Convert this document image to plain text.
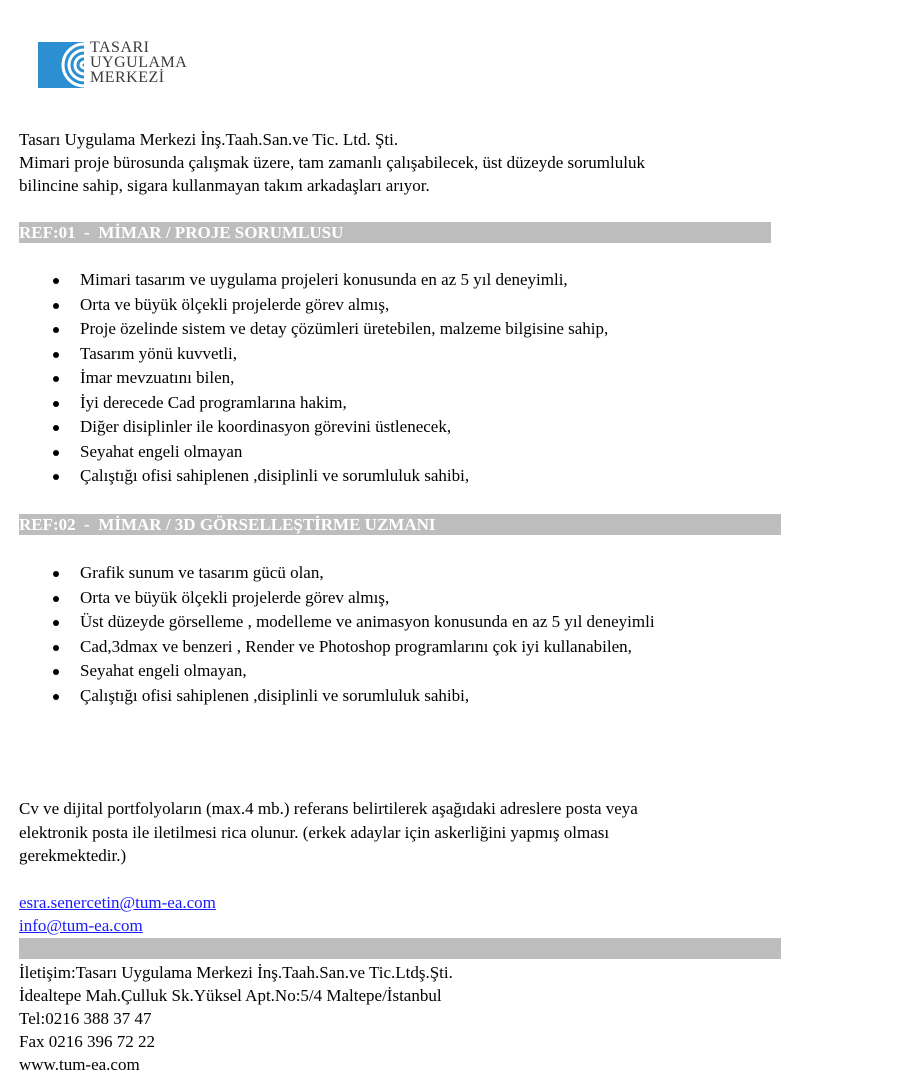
TASARI
UYGULAMA
MERKEZİ

Tasarı Uygulama Merkezi İnş.Taah.San.ve Tic. Ltd. Şti.

Mimari proje bürosunda çalışmak üzere, tam zamanlı çalışabilecek, üst düzeyde sorumluluk

bilincine sahip, sigara kullanmayan takım arkadaşları arıyor.

REF:01  -  MİMAR / PROJE SORUMLUSU
Mimari tasarım ve uygulama projeleri konusunda en az 5 yıl deneyimli,
Orta ve büyük ölçekli projelerde görev almış,
Proje özelinde sistem ve detay çözümleri üretebilen, malzeme bilgisine sahip,
Tasarım yönü kuvvetli,
İmar mevzuatını bilen,
İyi derecede Cad programlarına hakim,
Diğer disiplinler ile koordinasyon görevini üstlenecek,
Seyahat engeli olmayan
Çalıştığı ofisi sahiplenen ,disiplinli ve sorumluluk sahibi,
REF:02  -  MİMAR / 3D GÖRSELLEŞTİRME UZMANI
Grafik sunum ve tasarım gücü olan,
Orta ve büyük ölçekli projelerde görev almış,
Üst düzeyde görselleme , modelleme ve animasyon konusunda en az 5 yıl deneyimli
Cad,3dmax ve benzeri , Render ve Photoshop programlarını çok iyi kullanabilen,
Seyahat engeli olmayan,
Çalıştığı ofisi sahiplenen ,disiplinli ve sorumluluk sahibi,

Cv ve dijital portfolyoların (max.4 mb.) referans belirtilerek aşağıdaki adreslere posta veya

elektronik posta ile iletilmesi rica olunur. (erkek adaylar için askerliğini yapmış olması

gerekmektedir.)

esra.senercetin@tum-ea.com
info@tum-ea.com
İletişim:Tasarı Uygulama Merkezi İnş.Taah.San.ve Tic.Ltdş.Şti.
İdealtepe Mah.Çulluk Sk.Yüksel Apt.No:5/4 Maltepe/İstanbul
Tel:0216 388 37 47
Fax 0216 396 72 22
www.tum-ea.com
